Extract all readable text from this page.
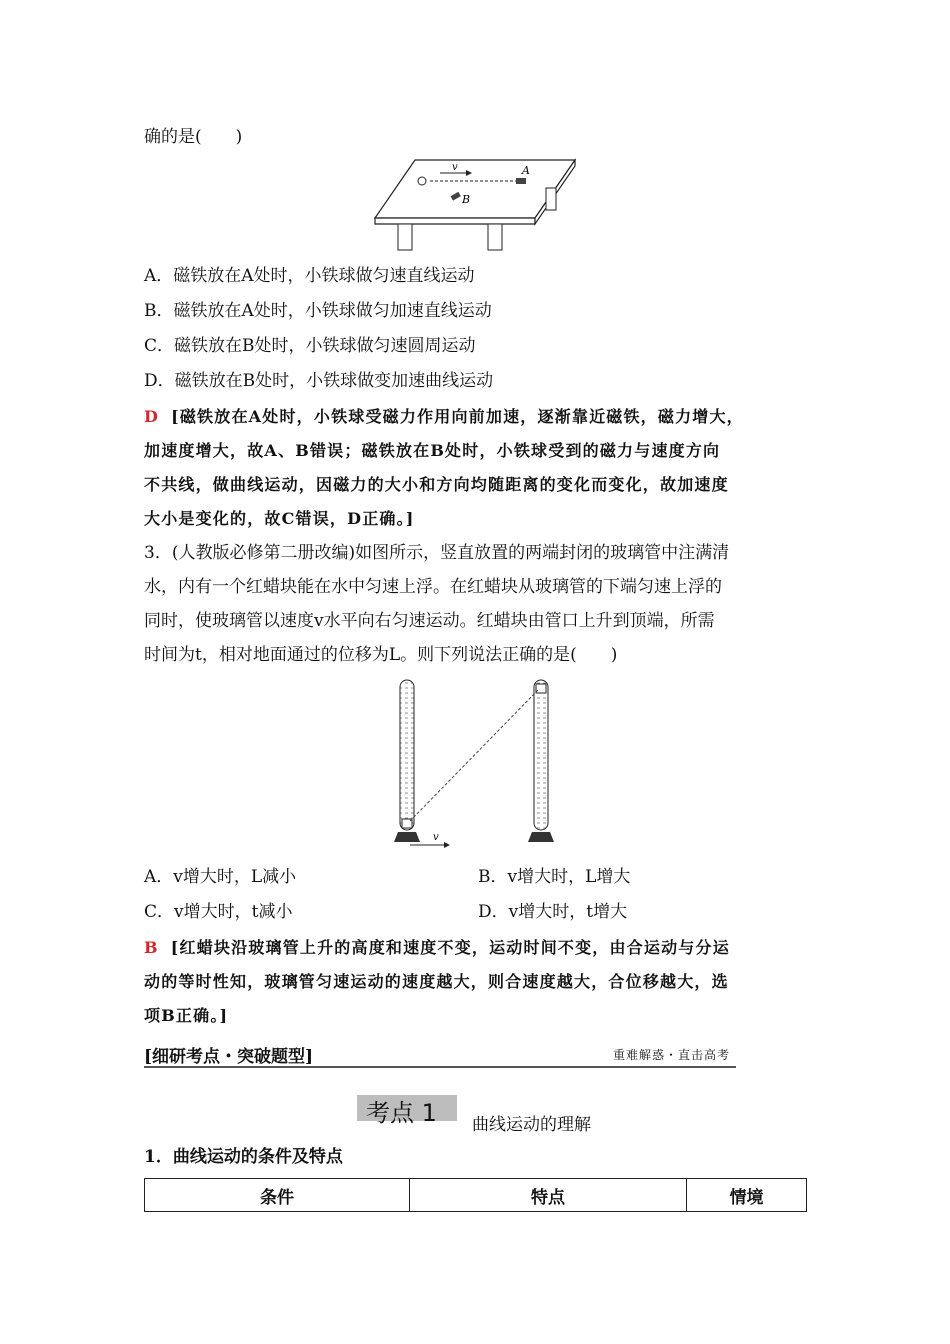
确的是(　　)
v	A
B
A．磁铁放在A处时，小铁球做匀速直线运动
B．磁铁放在A处时，小铁球做匀加速直线运动
C．磁铁放在B处时，小铁球做匀速圆周运动
D．磁铁放在B处时，小铁球做变加速曲线运动
D [磁铁放在A处时，小铁球受磁力作用向前加速，逐渐靠近磁铁，磁力增大，
加速度增大，故A、B错误；磁铁放在B处时，小铁球受到的磁力与速度方向
不共线，做曲线运动，因磁力的大小和方向均随距离的变化而变化，故加速度
大小是变化的，故C错误，D正确。]
3．(人教版必修第二册改编)如图所示，竖直放置的两端封闭的玻璃管中注满清
水，内有一个红蜡块能在水中匀速上浮。在红蜡块从玻璃管的下端匀速上浮的
同时，使玻璃管以速度v水平向右匀速运动。红蜡块由管口上升到顶端，所需
时间为t，相对地面通过的位移为L。则下列说法正确的是(　　)
v
A．v增大时，L减小	B．v增大时，L增大
C．v增大时，t减小	D．v增大时，t增大
B [红蜡块沿玻璃管上升的高度和速度不变，运动时间不变，由合运动与分运
动的等时性知，玻璃管匀速运动的速度越大，则合速度越大，合位移越大，选
项B正确。]
[细研考点・突破题型]	重难解惑・直击高考
考点 1 曲线运动的理解
1．曲线运动的条件及特点
条件	特点	情境
